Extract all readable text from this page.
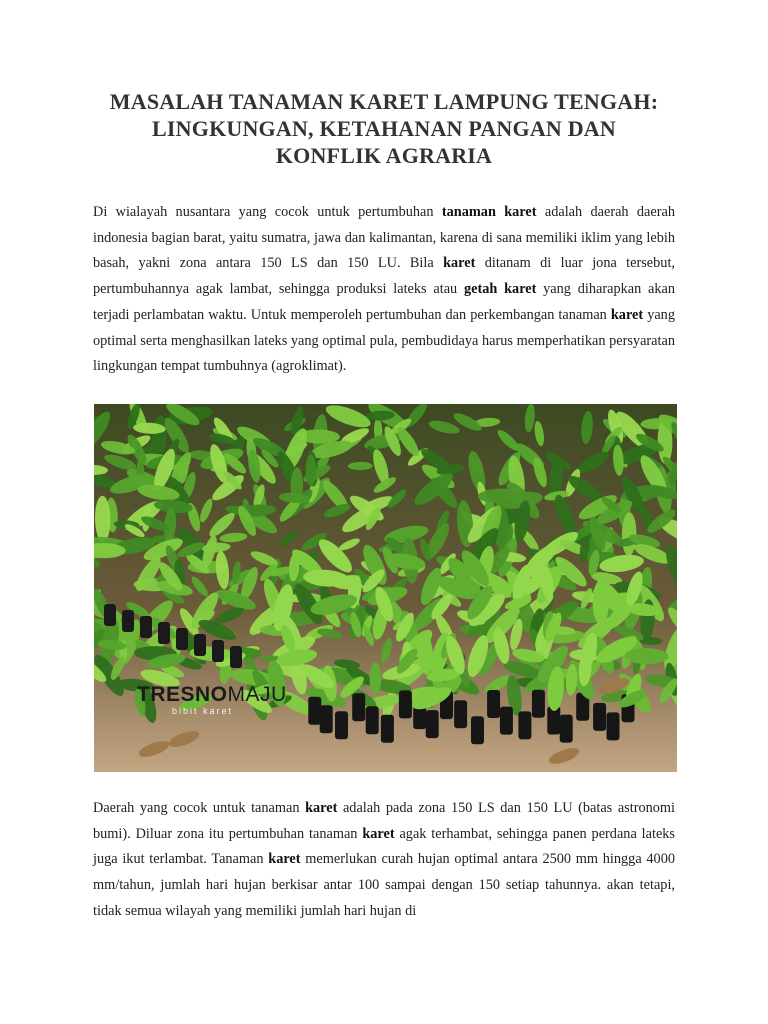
MASALAH TANAMAN KARET LAMPUNG TENGAH:
LINGKUNGAN, KETAHANAN PANGAN DAN
KONFLIK AGRARIA
Di wialayah nusantara yang cocok untuk pertumbuhan tanaman karet adalah daerah daerah indonesia bagian barat, yaitu sumatra, jawa dan kalimantan, karena di sana memiliki iklim yang lebih basah, yakni zona antara 150 LS dan 150 LU. Bila karet ditanam di luar jona tersebut, pertumbuhannya agak lambat, sehingga produksi lateks atau getah karet yang diharapkan akan terjadi perlambatan waktu. Untuk memperoleh pertumbuhan dan perkembangan tanaman karet yang optimal serta menghasilkan lateks yang optimal pula, pembudidaya harus memperhatikan persyaratan lingkungan tempat tumbuhnya (agroklimat).
TRESNOMAJU
bibit karet
Daerah yang cocok untuk tanaman karet adalah pada zona 150 LS dan 150 LU (batas astronomi bumi). Diluar zona itu pertumbuhan tanaman karet agak terhambat, sehingga panen perdana lateks juga ikut terlambat. Tanaman karet memerlukan curah hujan optimal antara 2500 mm hingga 4000 mm/tahun, jumlah hari hujan berkisar antar 100 sampai dengan 150 setiap tahunnya. akan tetapi, tidak semua wilayah yang memiliki jumlah hari hujan di
